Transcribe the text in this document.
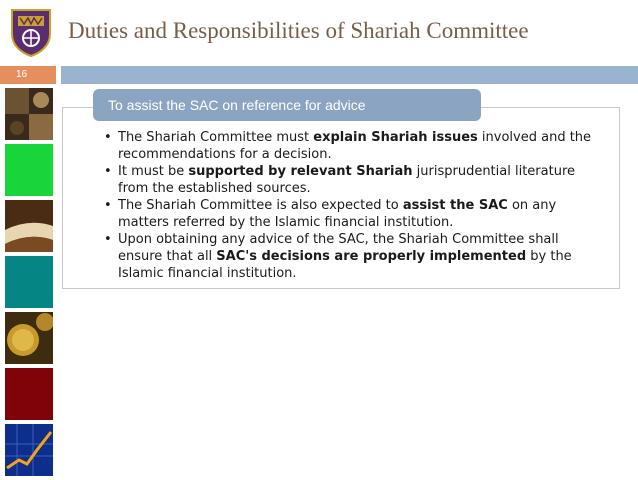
Duties and Responsibilities of Shariah Committee
16
To assist the SAC on reference for advice
• The Shariah Committee must explain Shariah issues involved and the recommendations for a decision.
• It must be supported by relevant Shariah jurisprudential literature from the established sources.
• The Shariah Committee is also expected to assist the SAC on any matters referred by the Islamic financial institution.
• Upon obtaining any advice of the SAC, the Shariah Committee shall ensure that all SAC's decisions are properly implemented by the Islamic financial institution.
